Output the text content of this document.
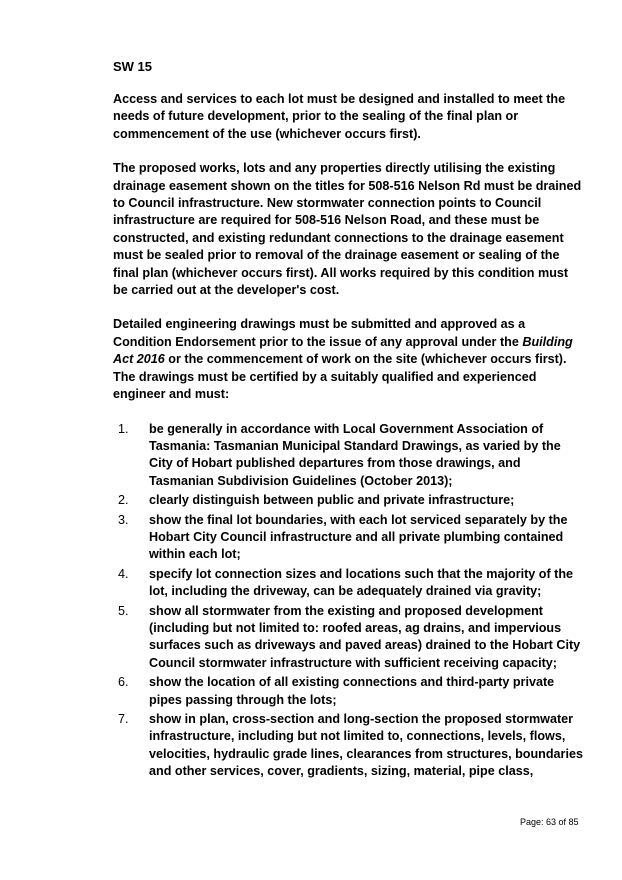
SW 15

Access and services to each lot must be designed and installed to meet the needs of future development, prior to the sealing of the final plan or commencement of the use (whichever occurs first).

The proposed works, lots and any properties directly utilising the existing drainage easement shown on the titles for 508-516 Nelson Rd must be drained to Council infrastructure. New stormwater connection points to Council infrastructure are required for 508-516 Nelson Road, and these must be constructed, and existing redundant connections to the drainage easement must be sealed prior to removal of the drainage easement or sealing of the final plan (whichever occurs first). All works required by this condition must be carried out at the developer's cost.

Detailed engineering drawings must be submitted and approved as a Condition Endorsement prior to the issue of any approval under the Building Act 2016 or the commencement of work on the site (whichever occurs first). The drawings must be certified by a suitably qualified and experienced engineer and must:

1. be generally in accordance with Local Government Association of Tasmania: Tasmanian Municipal Standard Drawings, as varied by the City of Hobart published departures from those drawings, and Tasmanian Subdivision Guidelines (October 2013);
2. clearly distinguish between public and private infrastructure;
3. show the final lot boundaries, with each lot serviced separately by the Hobart City Council infrastructure and all private plumbing contained within each lot;
4. specify lot connection sizes and locations such that the majority of the lot, including the driveway, can be adequately drained via gravity;
5. show all stormwater from the existing and proposed development (including but not limited to: roofed areas, ag drains, and impervious surfaces such as driveways and paved areas) drained to the Hobart City Council stormwater infrastructure with sufficient receiving capacity;
6. show the location of all existing connections and third-party private pipes passing through the lots;
7. show in plan, cross-section and long-section the proposed stormwater infrastructure, including but not limited to, connections, levels, flows, velocities, hydraulic grade lines, clearances from structures, boundaries and other services, cover, gradients, sizing, material, pipe class,
Page: 63 of 85
